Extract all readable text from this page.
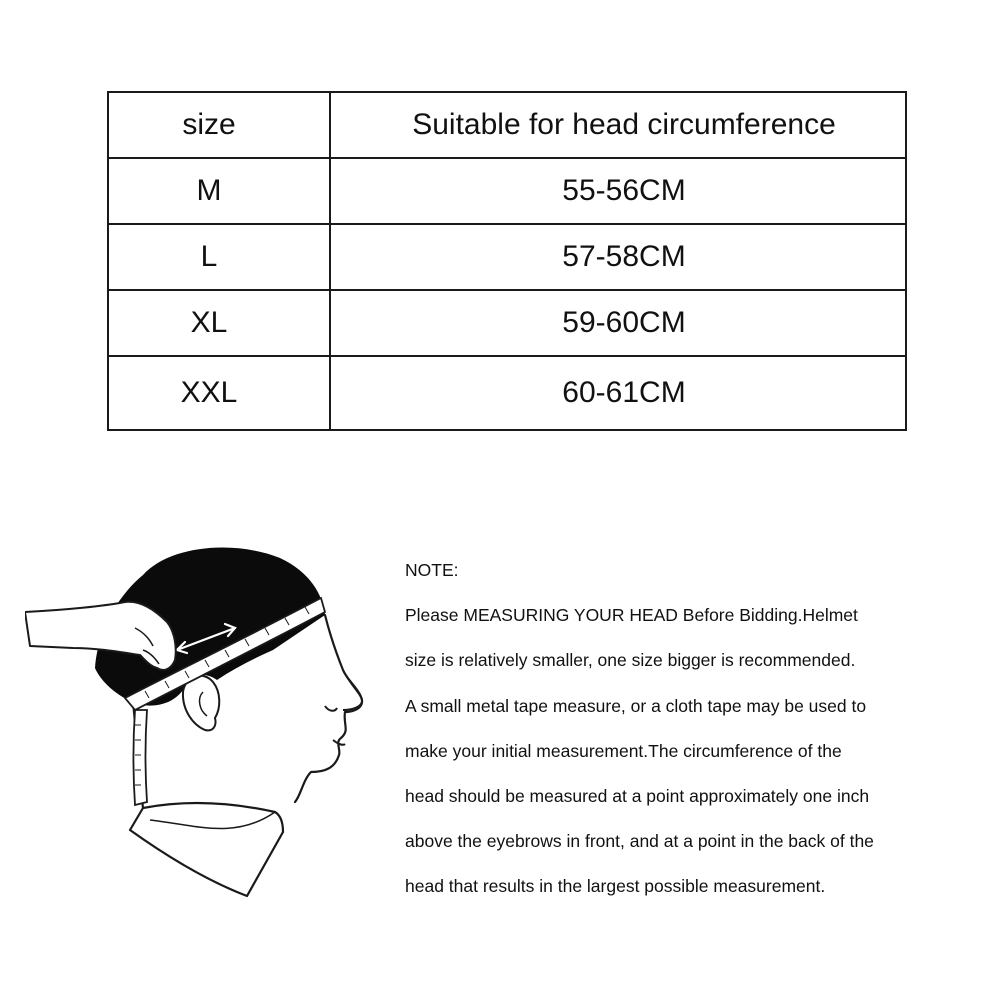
size	Suitable for head circumference
M	55-56CM
L	57-58CM
XL	59-60CM
XXL	60-61CM
NOTE:
Please MEASURING YOUR HEAD Before Bidding.Helmet
size is relatively smaller, one size bigger is recommended.
A small metal tape measure, or a cloth tape may be used to
make your initial measurement.The circumference of the
head should be measured at a point approximately one inch
above the eyebrows in front, and at a point in the back of the
head that results in the largest possible measurement.
